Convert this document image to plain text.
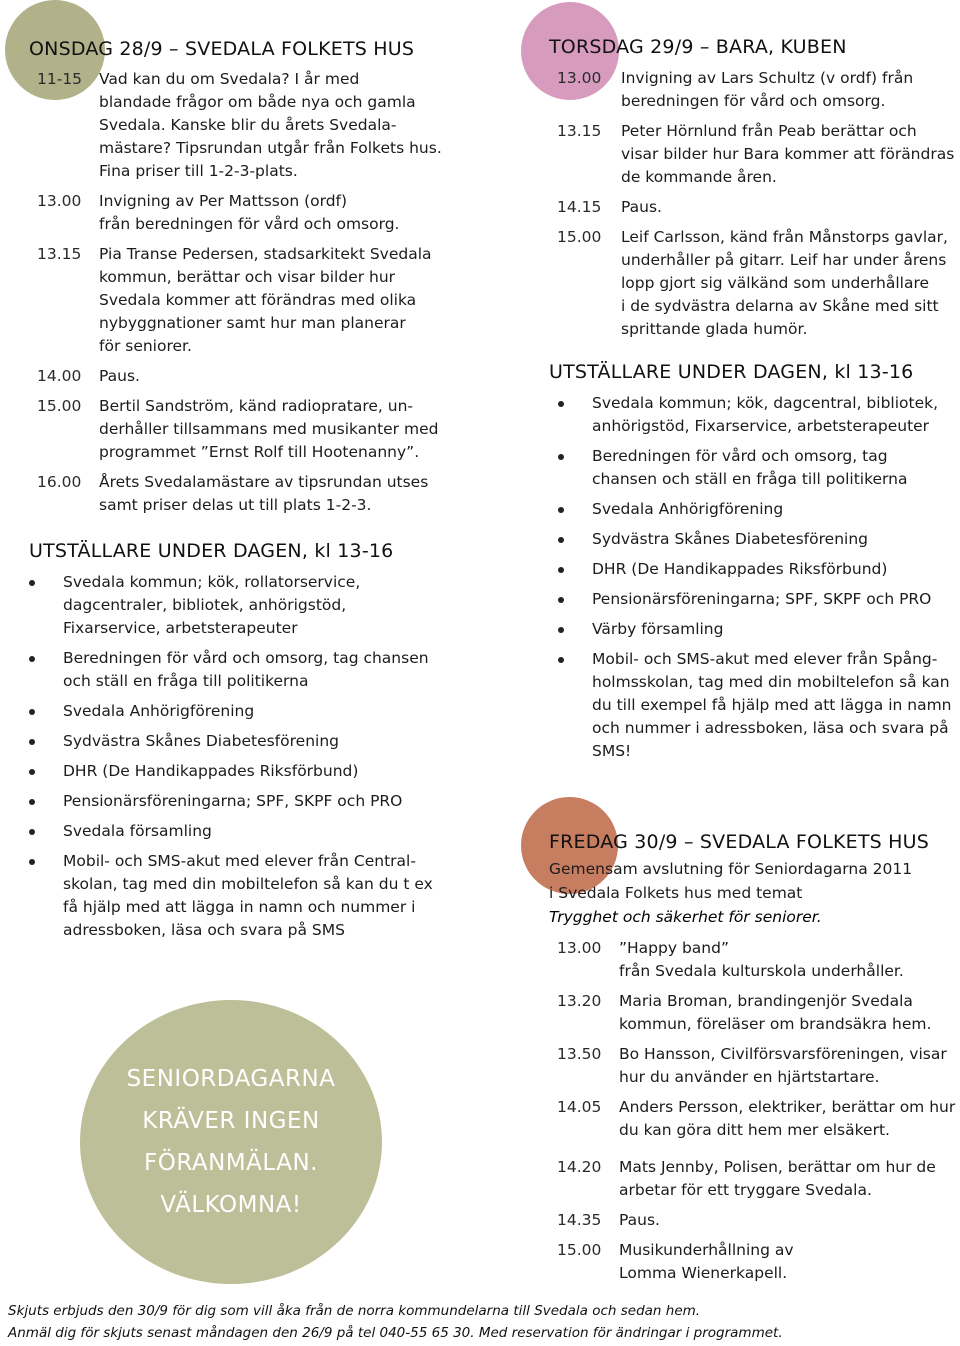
ONSDAG 28/9 – SVEDALA FOLKETS HUS
11-15	Vad kan du om Svedala? I år med
blandade frågor om både nya och gamla
Svedala. Kanske blir du årets Svedala-
mästare? Tipsrundan utgår från Folkets hus.
Fina priser till 1-2-3-plats.
13.00	Invigning av Per Mattsson (ordf)
från beredningen för vård och omsorg.
13.15	Pia Transe Pedersen, stadsarkitekt Svedala
kommun, berättar och visar bilder hur
Svedala kommer att förändras med olika
nybyggnationer samt hur man planerar
för seniorer.
14.00	Paus.
15.00	Bertil Sandström, känd radiopratare, un-
derhåller tillsammans med musikanter med
programmet ”Ernst Rolf till Hootenanny”.
16.00	Årets Svedalamästare av tipsrundan utses
samt priser delas ut till plats 1-2-3.
UTSTÄLLARE UNDER DAGEN, kl 13-16
Svedala kommun; kök, rollatorservice,
dagcentraler, bibliotek, anhörigstöd,
Fixarservice, arbetsterapeuter
Beredningen för vård och omsorg, tag chansen
och ställ en fråga till politikerna
Svedala Anhörigförening
Sydvästra Skånes Diabetesförening
DHR (De Handikappades Riksförbund)
Pensionärsföreningarna; SPF, SKPF och PRO
Svedala församling
Mobil- och SMS-akut med elever från Central-
skolan, tag med din mobiltelefon så kan du t ex
få hjälp med att lägga in namn och nummer i
adressboken, läsa och svara på SMS
SENIORDAGARNA
KRÄVER INGEN
FÖRANMÄLAN.
VÄLKOMNA!
TORSDAG 29/9 – BARA, KUBEN
13.00	Invigning av Lars Schultz (v ordf) från
beredningen för vård och omsorg.
13.15	Peter Hörnlund från Peab berättar och
visar bilder hur Bara kommer att förändras
de kommande åren.
14.15	Paus.
15.00	Leif Carlsson, känd från Månstorps gavlar,
underhåller på gitarr. Leif har under årens
lopp gjort sig välkänd som underhållare
i de sydvästra delarna av Skåne med sitt
sprittande glada humör.
UTSTÄLLARE UNDER DAGEN, kl 13-16
Svedala kommun; kök, dagcentral, bibliotek,
anhörigstöd, Fixarservice, arbetsterapeuter
Beredningen för vård och omsorg, tag
chansen och ställ en fråga till politikerna
Svedala Anhörigförening
Sydvästra Skånes Diabetesförening
DHR (De Handikappades Riksförbund)
Pensionärsföreningarna; SPF, SKPF och PRO
Värby församling
Mobil- och SMS-akut med elever från Spång-
holmsskolan, tag med din mobiltelefon så kan
du till exempel få hjälp med att lägga in namn
och nummer i adressboken, läsa och svara på
SMS!
FREDAG 30/9 – SVEDALA FOLKETS HUS
Gemensam avslutning för Seniordagarna 2011
i Svedala Folkets hus med temat
Trygghet och säkerhet för seniorer.
13.00	”Happy band”
från Svedala kulturskola underhåller.
13.20	Maria Broman, brandingenjör Svedala
kommun, föreläser om brandsäkra hem.
13.50	Bo Hansson, Civilförsvarsföreningen, visar
hur du använder en hjärtstartare.
14.05	Anders Persson, elektriker, berättar om hur
du kan göra ditt hem mer elsäkert.
14.20	Mats Jennby, Polisen, berättar om hur de
arbetar för ett tryggare Svedala.
14.35	Paus.
15.00	Musikunderhållning av
Lomma Wienerkapell.
Skjuts erbjuds den 30/9 för dig som vill åka från de norra kommundelarna till Svedala och sedan hem.
Anmäl dig för skjuts senast måndagen den 26/9 på tel 040-55 65 30. Med reservation för ändringar i programmet.
